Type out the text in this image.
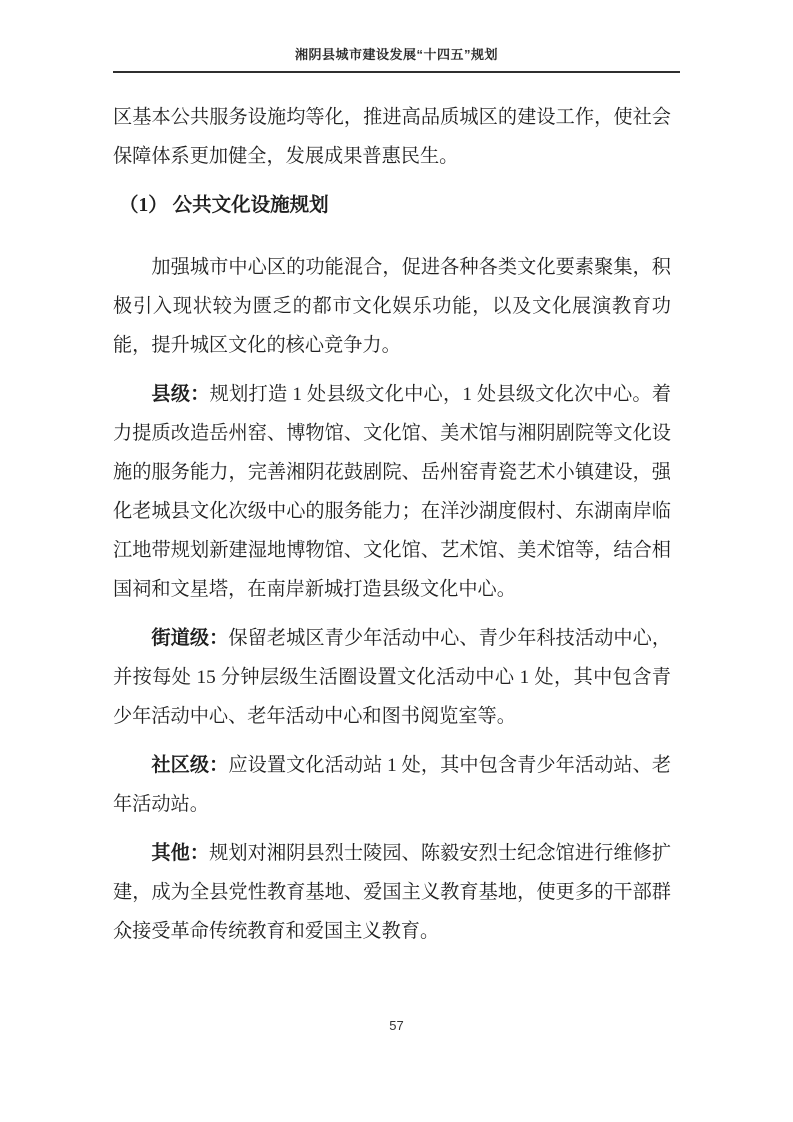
湘阴县城市建设发展“十四五”规划

区基本公共服务设施均等化，推进高品质城区的建设工作，使社会保障体系更加健全，发展成果普惠民生。

（1） 公共文化设施规划

加强城市中心区的功能混合，促进各种各类文化要素聚集，积极引入现状较为匮乏的都市文化娱乐功能，以及文化展演教育功能，提升城区文化的核心竞争力。

县级：规划打造 1 处县级文化中心，1 处县级文化次中心。着力提质改造岳州窑、博物馆、文化馆、美术馆与湘阴剧院等文化设施的服务能力，完善湘阴花鼓剧院、岳州窑青瓷艺术小镇建设，强化老城县文化次级中心的服务能力；在洋沙湖度假村、东湖南岸临江地带规划新建湿地博物馆、文化馆、艺术馆、美术馆等，结合相国祠和文星塔，在南岸新城打造县级文化中心。

街道级：保留老城区青少年活动中心、青少年科技活动中心，并按每处 15 分钟层级生活圈设置文化活动中心 1 处，其中包含青少年活动中心、老年活动中心和图书阅览室等。

社区级：应设置文化活动站 1 处，其中包含青少年活动站、老年活动站。

其他：规划对湘阴县烈士陵园、陈毅安烈士纪念馆进行维修扩建，成为全县党性教育基地、爱国主义教育基地，使更多的干部群众接受革命传统教育和爱国主义教育。

57
